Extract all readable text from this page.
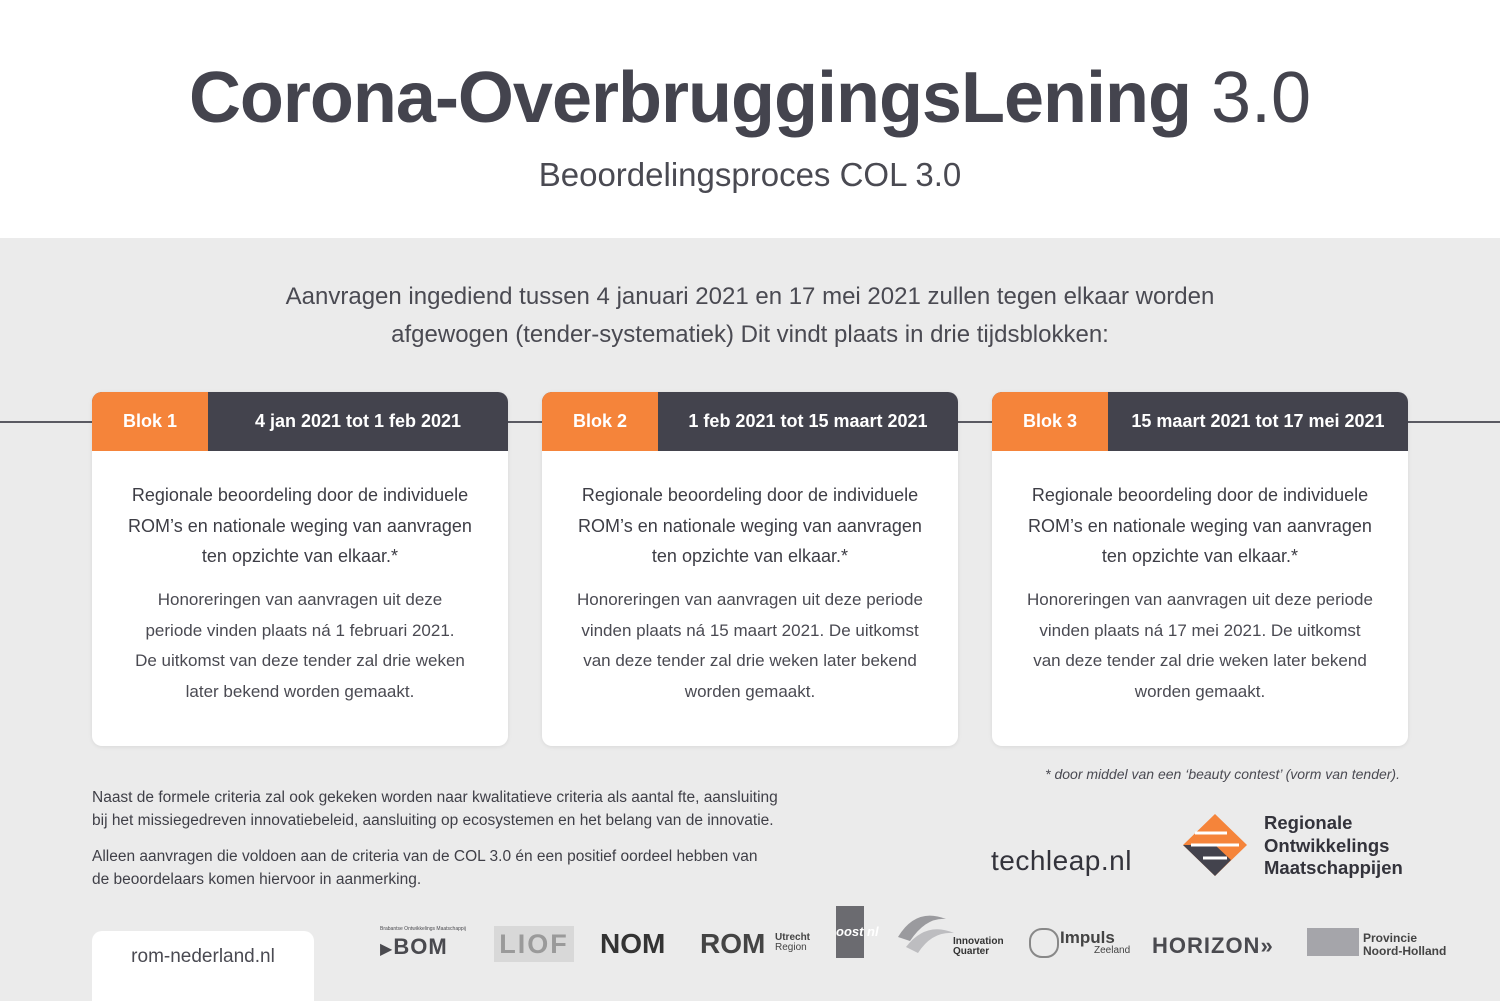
Corona-OverbruggingsLening 3.0
Beoordelingsproces COL 3.0
Aanvragen ingediend tussen 4 januari 2021 en 17 mei 2021 zullen tegen elkaar worden
afgewogen (tender-systematiek) Dit vindt plaats in drie tijdsblokken:
Blok 1	4 jan 2021 tot 1 feb 2021
Regionale beoordeling door de individuele
ROM’s en nationale weging van aanvragen
ten opzichte van elkaar.*
Honoreringen van aanvragen uit deze
periode vinden plaats ná 1 februari 2021.
De uitkomst van deze tender zal drie weken
later bekend worden gemaakt.
Blok 2	1 feb 2021 tot 15 maart 2021
Regionale beoordeling door de individuele
ROM’s en nationale weging van aanvragen
ten opzichte van elkaar.*
Honoreringen van aanvragen uit deze periode
vinden plaats ná 15 maart 2021. De uitkomst
van deze tender zal drie weken later bekend
worden gemaakt.
Blok 3	15 maart 2021 tot 17 mei 2021
Regionale beoordeling door de individuele
ROM’s en nationale weging van aanvragen
ten opzichte van elkaar.*
Honoreringen van aanvragen uit deze periode
vinden plaats ná 17 mei 2021. De uitkomst
van deze tender zal drie weken later bekend
worden gemaakt.
* door middel van een ‘beauty contest’ (vorm van tender).
Naast de formele criteria zal ook gekeken worden naar kwalitatieve criteria als aantal fte, aansluiting
bij het missiegedreven innovatiebeleid, aansluiting op ecosystemen en het belang van de innovatie.
Alleen aanvragen die voldoen aan de criteria van de COL 3.0 én een positief oordeel hebben van
de beoordelaars komen hiervoor in aanmerking.
techleap.nl
Regionale
Ontwikkelings
Maatschappijen
rom-nederland.nl
Brabantse Ontwikkelings Maatschappij
▶BOM LIOF NOM ROM Utrecht
Region
oost nl
Innovation
Quarter
Impuls
Zeeland HORIZON»	Provincie
Noord-Holland
